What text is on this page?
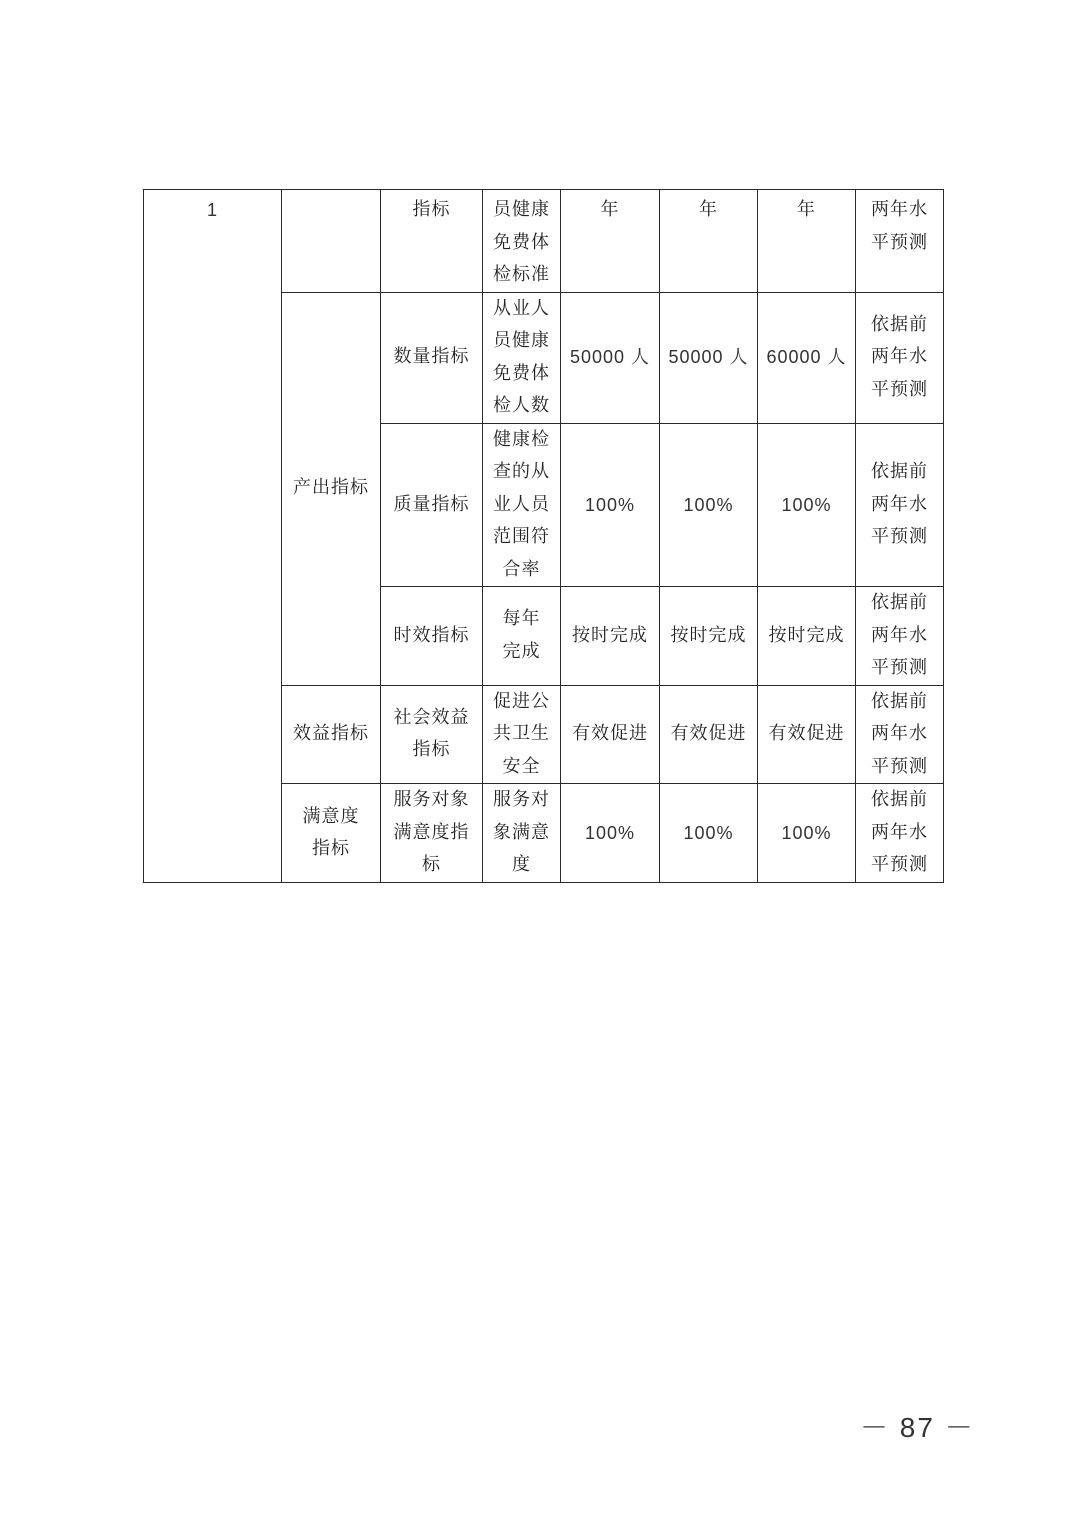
1		指标	员健康免费体检标准	年	年	年	两年水平预测
	产出指标	数量指标	从业人员健康免费体检人数	50000 人	50000 人	60000 人	依据前两年水平预测
		质量指标	健康检查的从业人员范围符合率	100%	100%	100%	依据前两年水平预测
		时效指标	每年完成	按时完成	按时完成	按时完成	依据前两年水平预测
	效益指标	社会效益指标	促进公共卫生安全	有效促进	有效促进	有效促进	依据前两年水平预测
	满意度指标	服务对象满意度指标	服务对象满意度	100%	100%	100%	依据前两年水平预测
－ 87 －
